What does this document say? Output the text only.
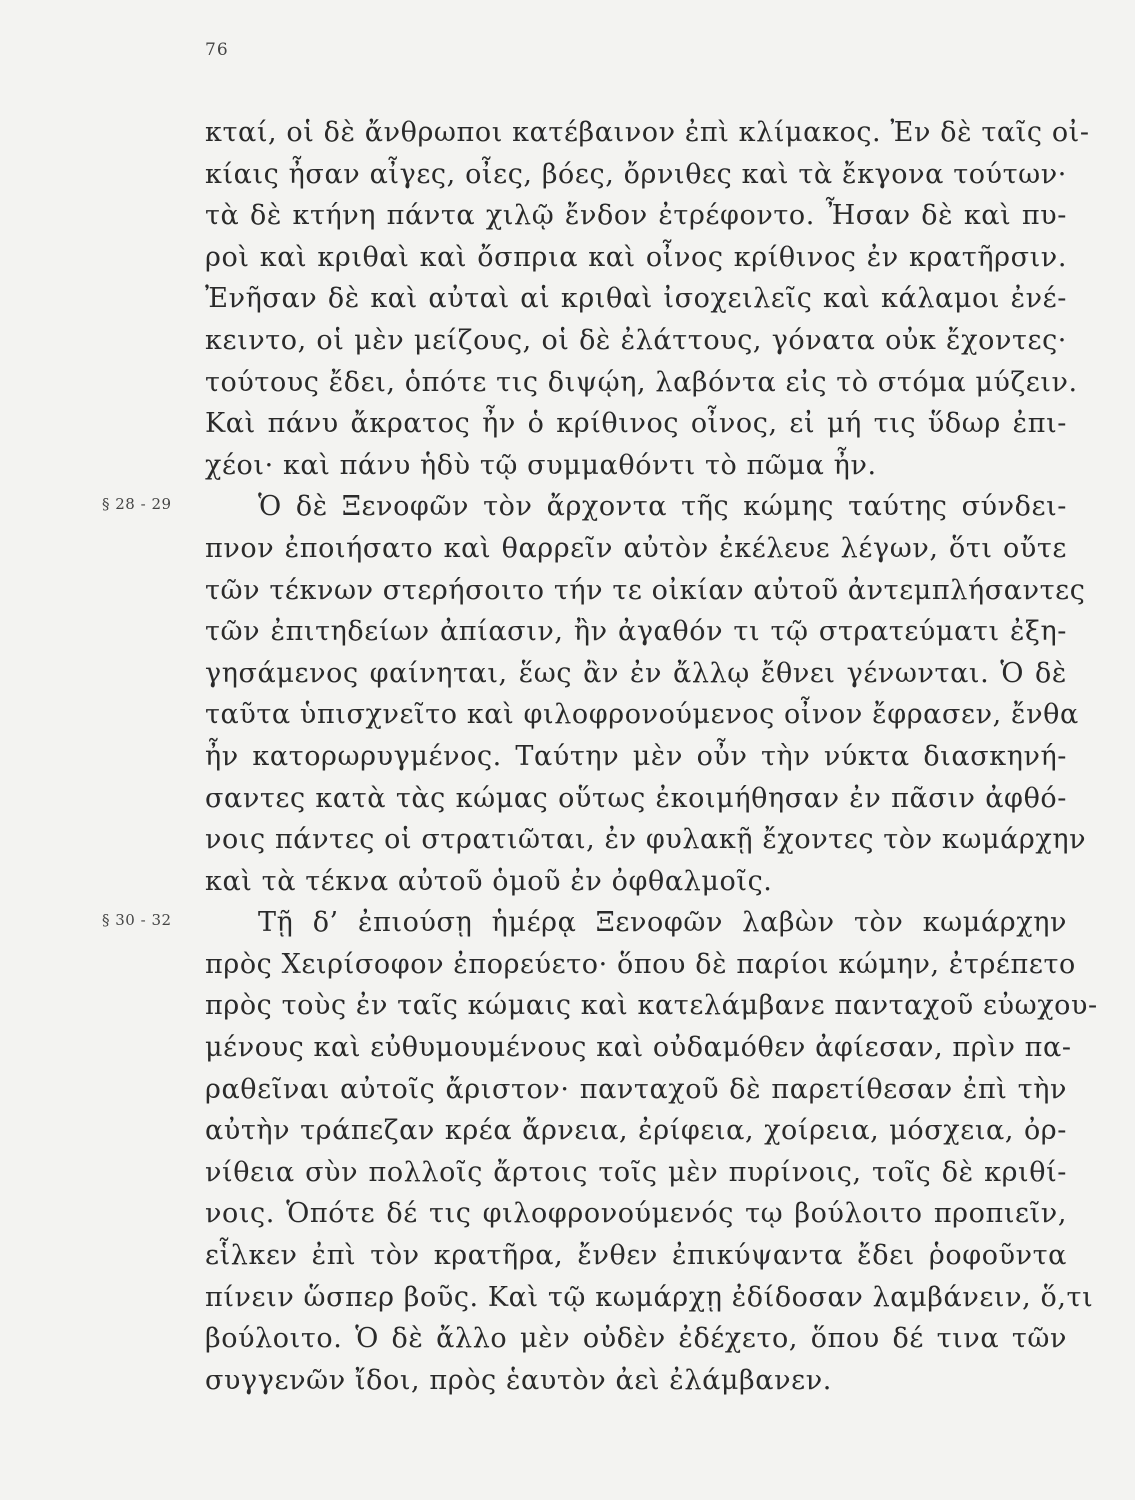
76
κταί, οἱ δὲ ἄνθρωποι κατέβαινον ἐπὶ κλίμακος. Ἐν δὲ ταῖς οἰ-
κίαις ἦσαν αἶγες, οἶες, βόες, ὄρνιθες καὶ τὰ ἔκγονα τούτων·
τὰ δὲ κτήνη πάντα χιλῷ ἔνδον ἐτρέφοντο. Ἦσαν δὲ καὶ πυ-
ροὶ καὶ κριθαὶ καὶ ὄσπρια καὶ οἶνος κρίθινος ἐν κρατῆρσιν.
Ἐνῆσαν δὲ καὶ αὐταὶ αἱ κριθαὶ ἰσοχειλεῖς καὶ κάλαμοι ἐνέ-
κειντο, οἱ μὲν μείζους, οἱ δὲ ἐλάττους, γόνατα οὐκ ἔχοντες·
τούτους ἔδει, ὁπότε τις διψῴη, λαβόντα εἰς τὸ στόμα μύζειν.
Καὶ πάνυ ἄκρατος ἦν ὁ κρίθινος οἶνος, εἰ μή τις ὕδωρ ἐπι-
χέοι· καὶ πάνυ ἡδὺ τῷ συμμαθόντι τὸ πῶμα ἦν.
§ 28 - 29	Ὁ δὲ Ξενοφῶν τὸν ἄρχοντα τῆς κώμης ταύτης σύνδει-
πνον ἐποιήσατο καὶ θαρρεῖν αὐτὸν ἐκέλευε λέγων, ὅτι οὔτε
τῶν τέκνων στερήσοιτο τήν τε οἰκίαν αὐτοῦ ἀντεμπλήσαντες
τῶν ἐπιτηδείων ἀπίασιν, ἢν ἀγαθόν τι τῷ στρατεύματι ἐξη-
γησάμενος φαίνηται, ἕως ἂν ἐν ἄλλῳ ἔθνει γένωνται. Ὁ δὲ
ταῦτα ὑπισχνεῖτο καὶ φιλοφρονούμενος οἶνον ἔφρασεν, ἔνθα
ἦν κατορωρυγμένος. Ταύτην μὲν οὖν τὴν νύκτα διασκηνή-
σαντες κατὰ τὰς κώμας οὕτως ἐκοιμήθησαν ἐν πᾶσιν ἀφθό-
νοις πάντες οἱ στρατιῶται, ἐν φυλακῇ ἔχοντες τὸν κωμάρχην
καὶ τὰ τέκνα αὐτοῦ ὁμοῦ ἐν ὀφθαλμοῖς.
§ 30 - 32	Τῇ δ’ ἐπιούσῃ ἡμέρᾳ Ξενοφῶν λαβὼν τὸν κωμάρχην
πρὸς Χειρίσοφον ἐπορεύετο· ὅπου δὲ παρίοι κώμην, ἐτρέπετο
πρὸς τοὺς ἐν ταῖς κώμαις καὶ κατελάμβανε πανταχοῦ εὐωχου-
μένους καὶ εὐθυμουμένους καὶ οὐδαμόθεν ἀφίεσαν, πρὶν πα-
ραθεῖναι αὐτοῖς ἄριστον· πανταχοῦ δὲ παρετίθεσαν ἐπὶ τὴν
αὐτὴν τράπεζαν κρέα ἄρνεια, ἐρίφεια, χοίρεια, μόσχεια, ὀρ-
νίθεια σὺν πολλοῖς ἄρτοις τοῖς μὲν πυρίνοις, τοῖς δὲ κριθί-
νοις. Ὁπότε δέ τις φιλοφρονούμενός τῳ βούλοιτο προπιεῖν,
εἷλκεν ἐπὶ τὸν κρατῆρα, ἔνθεν ἐπικύψαντα ἔδει ῥοφοῦντα
πίνειν ὥσπερ βοῦς. Καὶ τῷ κωμάρχῃ ἐδίδοσαν λαμβάνειν, ὅ,τι
βούλοιτο. Ὁ δὲ ἄλλο μὲν οὐδὲν ἐδέχετο, ὅπου δέ τινα τῶν
συγγενῶν ἴδοι, πρὸς ἑαυτὸν ἀεὶ ἐλάμβανεν.
